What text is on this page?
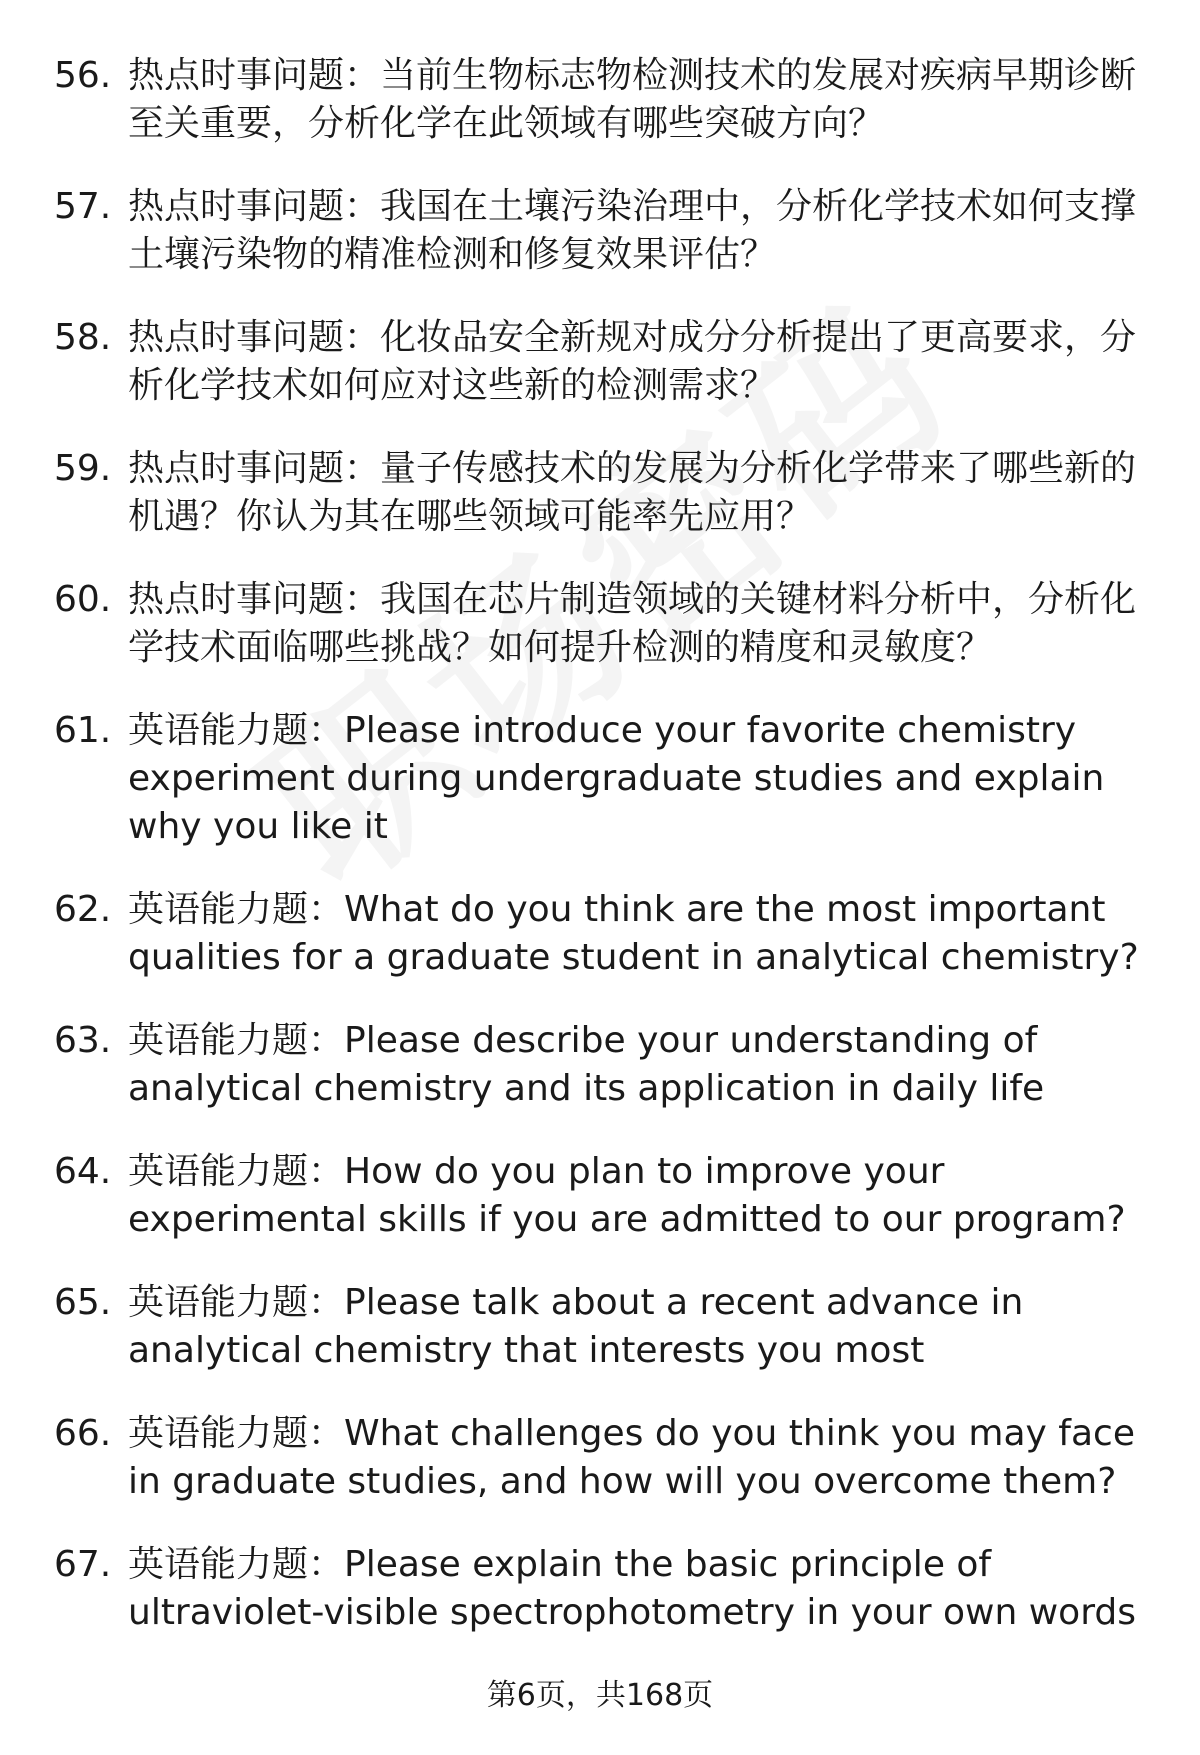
56. 热点时事问题：当前生物标志物检测技术的发展对疾病早期诊断至关重要，分析化学在此领域有哪些突破方向？
57. 热点时事问题：我国在土壤污染治理中，分析化学技术如何支撑土壤污染物的精准检测和修复效果评估？
58. 热点时事问题：化妆品安全新规对成分分析提出了更高要求，分析化学技术如何应对这些新的检测需求？
59. 热点时事问题：量子传感技术的发展为分析化学带来了哪些新的机遇？你认为其在哪些领域可能率先应用？
60. 热点时事问题：我国在芯片制造领域的关键材料分析中，分析化学技术面临哪些挑战？如何提升检测的精度和灵敏度？
61. 英语能力题：Please introduce your favorite chemistry experiment during undergraduate studies and explain why you like it
62. 英语能力题：What do you think are the most important qualities for a graduate student in analytical chemistry?
63. 英语能力题：Please describe your understanding of analytical chemistry and its application in daily life
64. 英语能力题：How do you plan to improve your experimental skills if you are admitted to our program?
65. 英语能力题：Please talk about a recent advance in analytical chemistry that interests you most
66. 英语能力题：What challenges do you think you may face in graduate studies, and how will you overcome them?
67. 英语能力题：Please explain the basic principle of ultraviolet-visible spectrophotometry in your own words
第6页，共168页
